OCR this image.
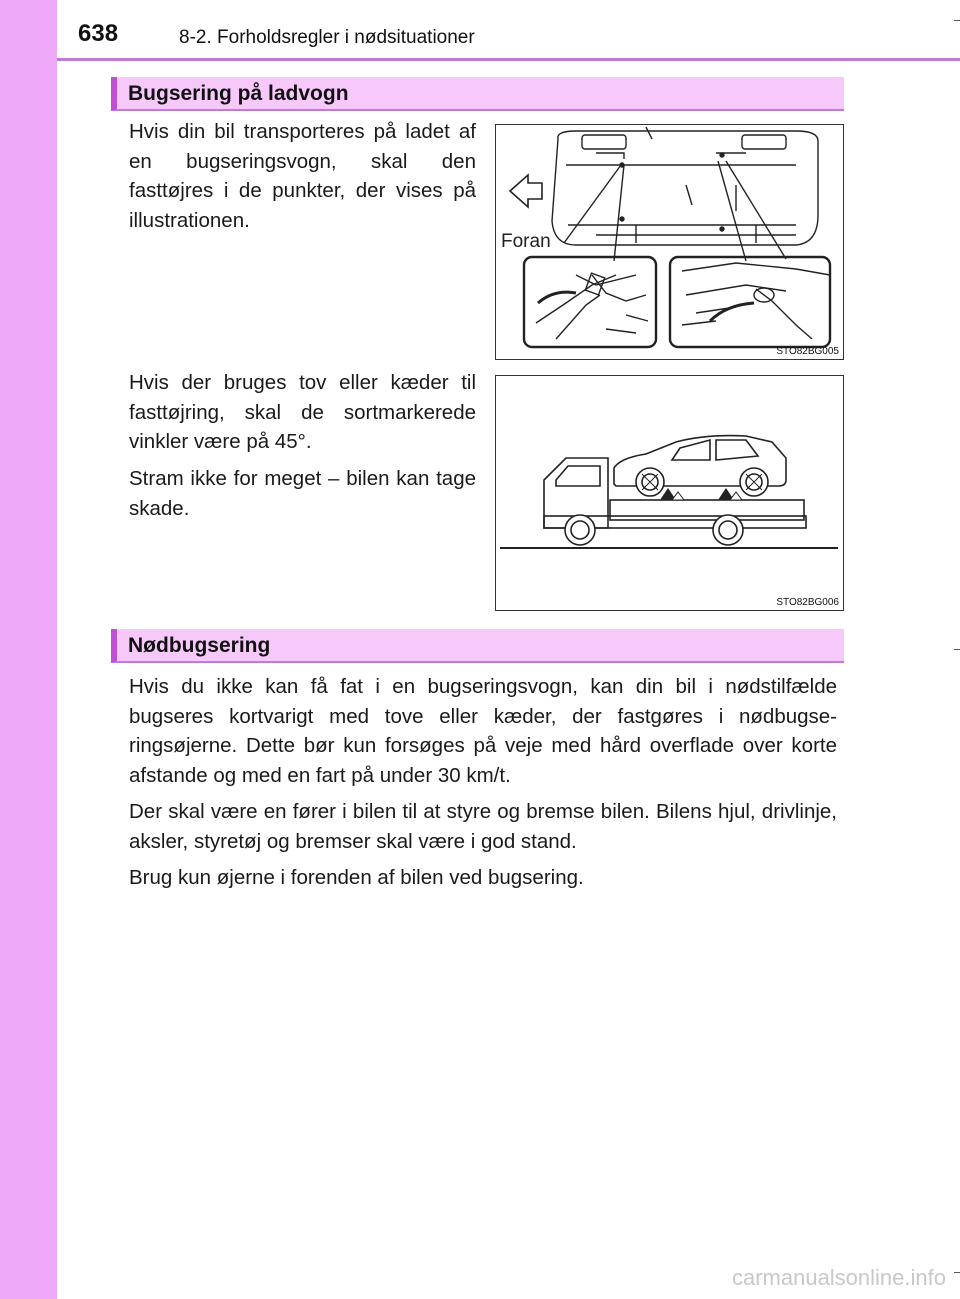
638	8-2. Forholdsregler i nødsituationer
Bugsering på ladvogn

Hvis din bil transporteres på ladet af en bugseringsvogn, skal den fasttøjres i de punkter, der vises på illustrationen.

Hvis der bruges tov eller kæder til fasttøjring, skal de sortmarkerede vinkler være på 45°.

Stram ikke for meget – bilen kan tage skade.

Foran
STO82BG005
STO82BG006
Nødbugsering

Hvis du ikke kan få fat i en bugseringsvogn, kan din bil i nødstilfælde bugseres kortvarigt med tove eller kæder, der fastgøres i nødbugse-ringsøjerne. Dette bør kun forsøges på veje med hård overflade over korte afstande og med en fart på under 30 km/t.

Der skal være en fører i bilen til at styre og bremse bilen. Bilens hjul, drivlinje, aksler, styretøj og bremser skal være i god stand.

Brug kun øjerne i forenden af bilen ved bugsering.

carmanualsonline.info
